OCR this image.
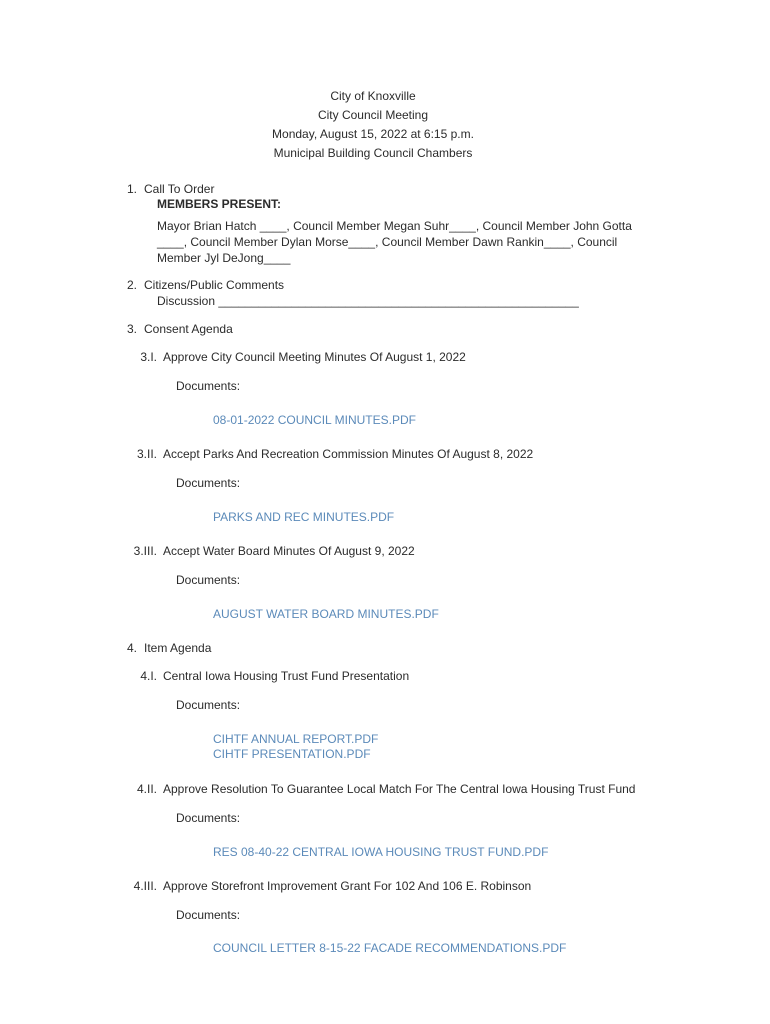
City of Knoxville
City Council Meeting
Monday, August 15, 2022 at 6:15 p.m.
Municipal Building Council Chambers
1. Call To Order
MEMBERS PRESENT:
Mayor Brian Hatch ____, Council Member Megan Suhr____, Council Member John Gotta
____, Council Member Dylan Morse____, Council Member Dawn Rankin____, Council
Member Jyl DeJong____
2. Citizens/Public Comments
Discussion ______________________________________________________
3. Consent Agenda
3.I. Approve City Council Meeting Minutes Of August 1, 2022
Documents:
08-01-2022 COUNCIL MINUTES.PDF
3.II. Accept Parks And Recreation Commission Minutes Of August 8, 2022
Documents:
PARKS AND REC MINUTES.PDF
3.III. Accept Water Board Minutes Of August 9, 2022
Documents:
AUGUST WATER BOARD MINUTES.PDF
4. Item Agenda
4.I. Central Iowa Housing Trust Fund Presentation
Documents:
CIHTF ANNUAL REPORT.PDF
CIHTF PRESENTATION.PDF
4.II. Approve Resolution To Guarantee Local Match For The Central Iowa Housing Trust Fund
Documents:
RES 08-40-22 CENTRAL IOWA HOUSING TRUST FUND.PDF
4.III. Approve Storefront Improvement Grant For 102 And 106 E. Robinson
Documents:
COUNCIL LETTER 8-15-22 FACADE RECOMMENDATIONS.PDF
